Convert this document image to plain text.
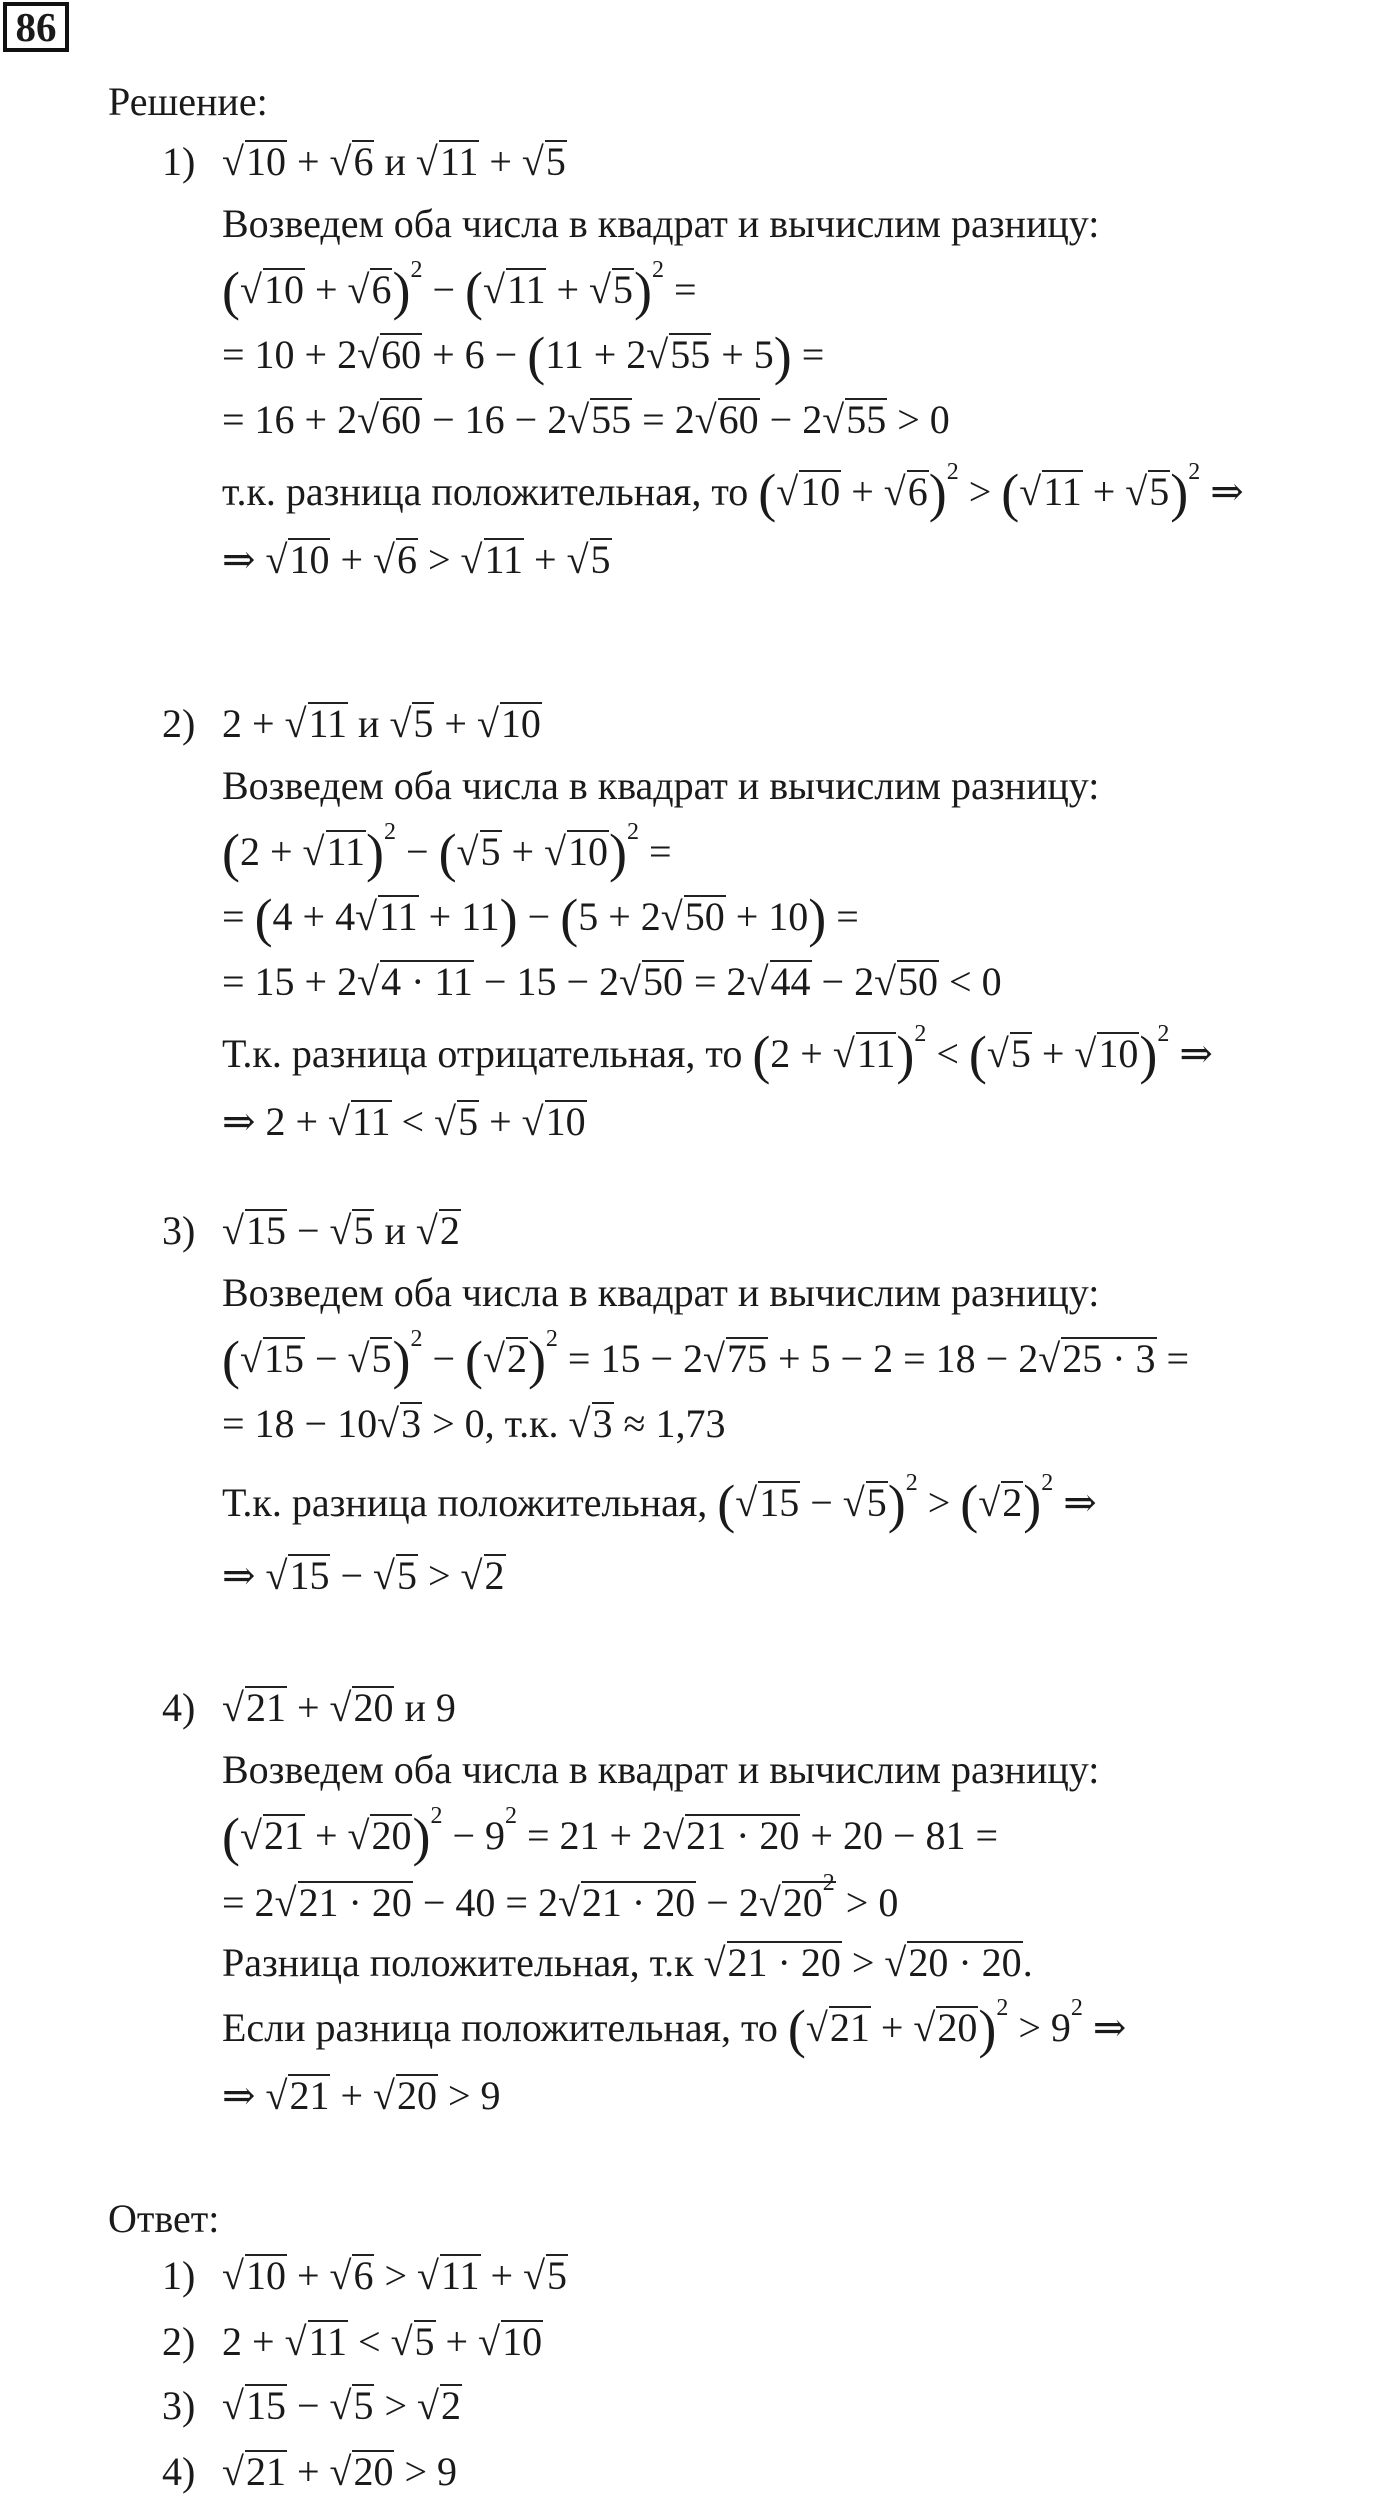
86
Решение:
1) √10 + √6 и √11 + √5
Возведем оба числа в квадрат и вычислим разницу:
$(√10 + √6)^2 - (√11 + √5)^2$ =
= 10 + 2√60 + 6 − (11 + 2√55 + 5) =
= 16 + 2√60 − 16 − 2√55 = 2√60 − 2√55 > 0
т.к. разница положительная, то $(√10 + √6)^2 > (√11 + √5)^2$ ⇒
⇒ √10 + √6 > √11 + √5
2) 2 + √11 и √5 + √10
Возведем оба числа в квадрат и вычислим разницу:
$(2 + √11)^2 - (√5 + √10)^2$ =
= (4 + 4√11 + 11) − (5 + 2√50 + 10) =
= 15 + 2√4 · 11 − 15 − 2√50 = 2√44 − 2√50 < 0
Т.к. разница отрицательная, то $(2 + √11)^2 < (√5 + √10)^2$ ⇒
⇒ 2 + √11 < √5 + √10
3) √15 − √5 и √2
Возведем оба числа в квадрат и вычислим разницу:
$(√15 - √5)^2 - (√2)^2 = 15 - 2√75 + 5 - 2 = 18 - 2√25 \cdot 3$ =
= 18 − 10√3 > 0, т.к. √3 ≈ 1,73
Т.к. разница положительная, $(√15 - √5)^2 > (√2)^2$ ⇒
⇒ √15 − √5 > √2
4) √21 + √20 и 9
Возведем оба числа в квадрат и вычислим разницу:
$(√21 + √20)^2 - 9^2 = 21 + 2√21 \cdot 20 + 20 - 81$ =
= $2√21 \cdot 20 - 40 = 2√21 \cdot 20 - 2√20^2 > 0$
Разница положительная, т.к √21 · 20 > √20 · 20.
Если разница положительная, то $(√21 + √20)^2 > 9^2$ ⇒
⇒ √21 + √20 > 9
Ответ:
1) √10 + √6 > √11 + √5
2) 2 + √11 < √5 + √10
3) √15 − √5 > √2
4) √21 + √20 > 9
